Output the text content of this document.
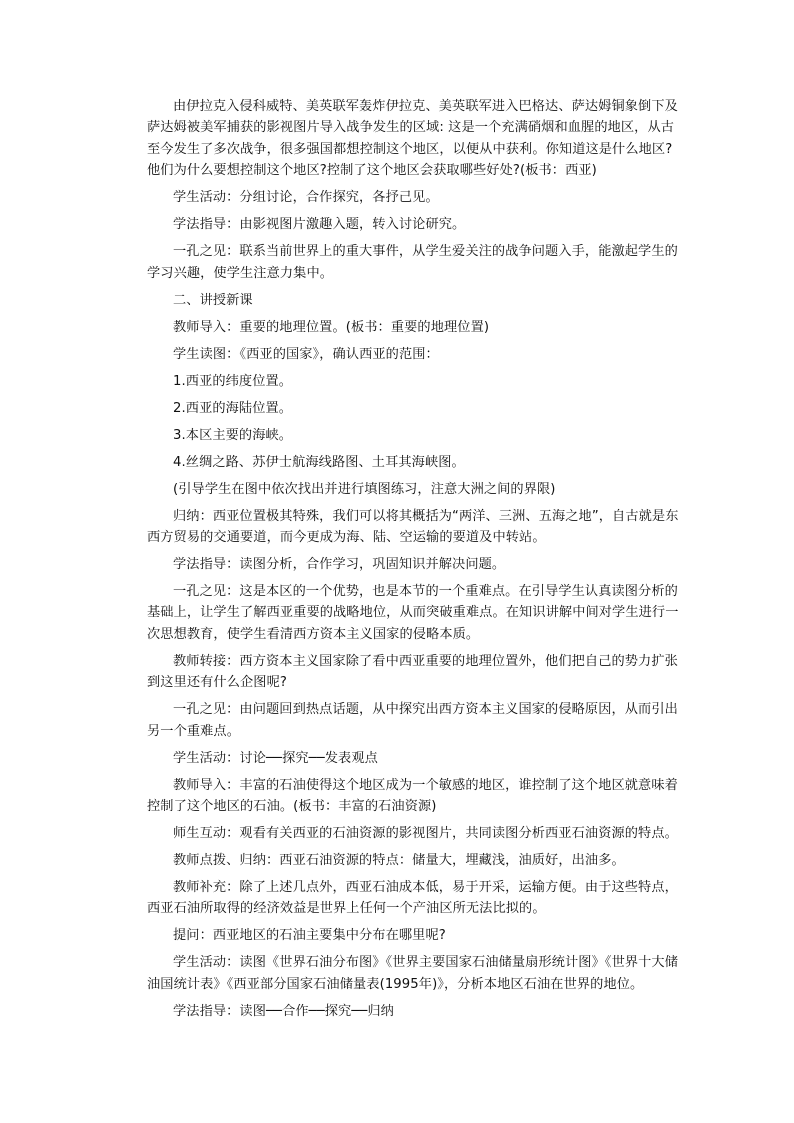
由伊拉克入侵科威特、美英联军轰炸伊拉克、美英联军进入巴格达、萨达姆铜象倒下及萨达姆被美军捕获的影视图片导入战争发生的区域: 这是一个充满硝烟和血腥的地区，从古至今发生了多次战争，很多强国都想控制这个地区，以便从中获利。你知道这是什么地区?他们为什么要想控制这个地区?控制了这个地区会获取哪些好处?(板书：西亚)

学生活动：分组讨论，合作探究，各抒己见。

学法指导：由影视图片激趣入题，转入讨论研究。

一孔之见：联系当前世界上的重大事件，从学生爱关注的战争问题入手，能激起学生的学习兴趣，使学生注意力集中。

二、讲授新课

教师导入：重要的地理位置。(板书：重要的地理位置)

学生读图：《西亚的国家》，确认西亚的范围：

1.西亚的纬度位置。

2.西亚的海陆位置。

3.本区主要的海峡。

4.丝绸之路、苏伊士航海线路图、土耳其海峡图。

(引导学生在图中依次找出并进行填图练习，注意大洲之间的界限)

归纳：西亚位置极其特殊，我们可以将其概括为“两洋、三洲、五海之地”，自古就是东西方贸易的交通要道，而今更成为海、陆、空运输的要道及中转站。

学法指导：读图分析，合作学习，巩固知识并解决问题。

一孔之见：这是本区的一个优势，也是本节的一个重难点。在引导学生认真读图分析的基础上，让学生了解西亚重要的战略地位，从而突破重难点。在知识讲解中间对学生进行一次思想教育，使学生看清西方资本主义国家的侵略本质。

教师转接：西方资本主义国家除了看中西亚重要的地理位置外，他们把自己的势力扩张到这里还有什么企图呢?

一孔之见：由问题回到热点话题，从中探究出西方资本主义国家的侵略原因，从而引出另一个重难点。

学生活动：讨论──探究──发表观点

教师导入：丰富的石油使得这个地区成为一个敏感的地区，谁控制了这个地区就意味着控制了这个地区的石油。(板书：丰富的石油资源)

师生互动：观看有关西亚的石油资源的影视图片，共同读图分析西亚石油资源的特点。

教师点拨、归纳：西亚石油资源的特点：储量大，埋藏浅，油质好，出油多。

教师补充：除了上述几点外，西亚石油成本低，易于开采，运输方便。由于这些特点，西亚石油所取得的经济效益是世界上任何一个产油区所无法比拟的。

提问：西亚地区的石油主要集中分布在哪里呢?

学生活动：读图《世界石油分布图》《世界主要国家石油储量扇形统计图》《世界十大储油国统计表》《西亚部分国家石油储量表(1995年)》，分析本地区石油在世界的地位。

学法指导：读图──合作──探究──归纳
